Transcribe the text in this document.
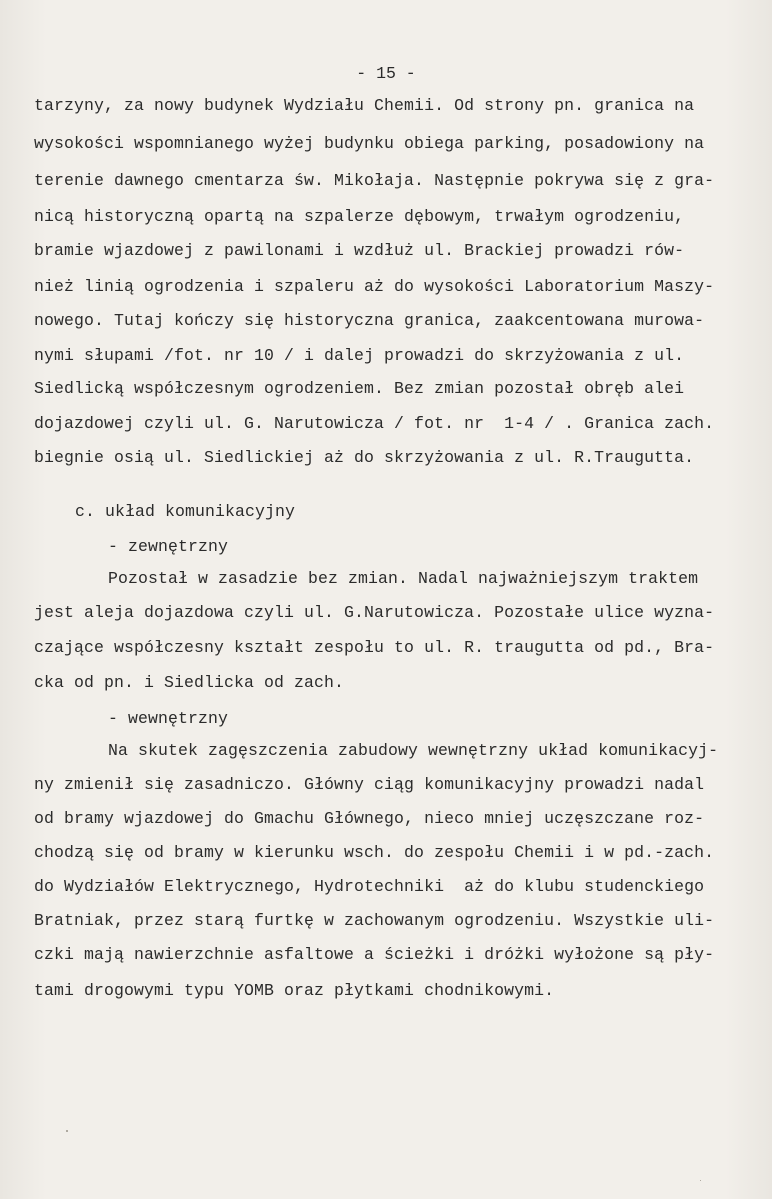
- 15 -
tarzyny, za nowy budynek Wydziału Chemii. Od strony pn. granica na
wysokości wspomnianego wyżej budynku obiega parking, posadowiony na
terenie dawnego cmentarza św. Mikołaja. Następnie pokrywa się z gra-
nicą historyczną opartą na szpalerze dębowym, trwałym ogrodzeniu,
bramie wjazdowej z pawilonami i wzdłuż ul. Brackiej prowadzi rów-
nież linią ogrodzenia i szpaleru aż do wysokości Laboratorium Maszy-
nowego. Tutaj kończy się historyczna granica, zaakcentowana murowa-
nymi słupami /fot. nr 10 / i dalej prowadzi do skrzyżowania z ul.
Siedlicką współczesnym ogrodzeniem. Bez zmian pozostał obręb alei
dojazdowej czyli ul. G. Narutowicza / fot. nr  1-4 / . Granica zach.
biegnie osią ul. Siedlickiej aż do skrzyżowania z ul. R.Traugutta.
c. układ komunikacyjny
- zewnętrzny
Pozostał w zasadzie bez zmian. Nadal najważniejszym traktem
jest aleja dojazdowa czyli ul. G.Narutowicza. Pozostałe ulice wyzna-
czające współczesny kształt zespołu to ul. R. traugutta od pd., Bra-
cka od pn. i Siedlicka od zach.
- wewnętrzny
Na skutek zagęszczenia zabudowy wewnętrzny układ komunikacyj-
ny zmienił się zasadniczo. Główny ciąg komunikacyjny prowadzi nadal
od bramy wjazdowej do Gmachu Głównego, nieco mniej uczęszczane roz-
chodzą się od bramy w kierunku wsch. do zespołu Chemii i w pd.-zach.
do Wydziałów Elektrycznego, Hydrotechniki  aż do klubu studenckiego
Bratniak, przez starą furtkę w zachowanym ogrodzeniu. Wszystkie uli-
czki mają nawierzchnie asfaltowe a ścieżki i dróżki wyłożone są pły-
tami drogowymi typu YOMB oraz płytkami chodnikowymi.
